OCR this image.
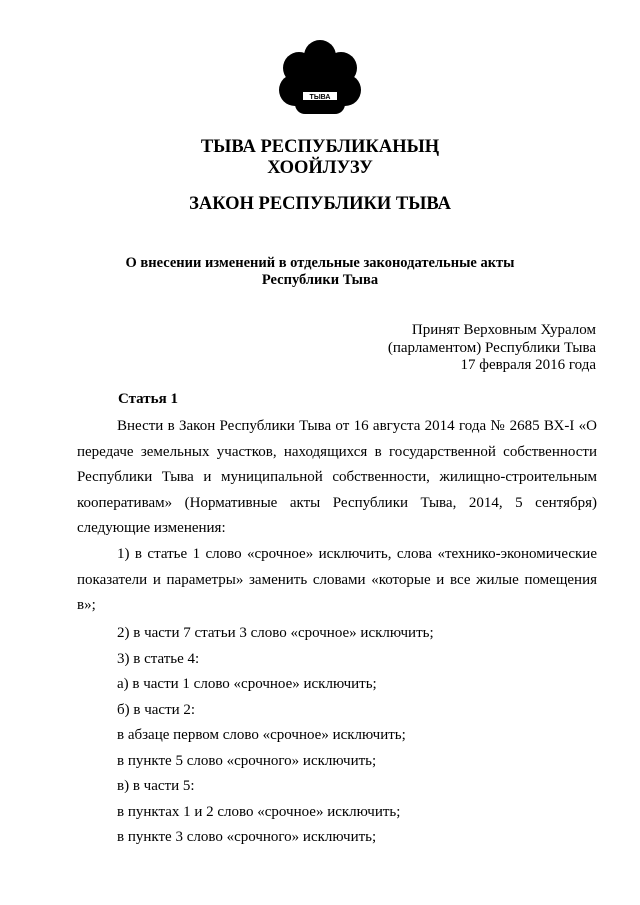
ТЫВА
ТЫВА РЕСПУБЛИКАНЫҢ
ХООЙЛУЗУ
ЗАКОН РЕСПУБЛИКИ ТЫВА
О внесении изменений в отдельные законодательные акты
Республики Тыва
Принят Верховным Хуралом
(парламентом) Республики Тыва
17 февраля 2016 года
Статья 1
Внести в Закон Республики Тыва от 16 августа 2014 года № 2685 ВХ-I «О
передаче земельных участков, находящихся в государственной собственности
Республики Тыва и муниципальной собственности, жилищно-строительным
кооперативам» (Нормативные акты Республики Тыва, 2014, 5 сентября)
следующие изменения:
1) в статье 1 слово «срочное» исключить, слова «технико-экономические
показатели и параметры» заменить словами «которые и все жилые помещения
в»;
2) в части 7 статьи 3 слово «срочное» исключить;
3) в статье 4:
а) в части 1 слово «срочное» исключить;
б) в части 2:
в абзаце первом слово «срочное» исключить;
в пункте 5 слово «срочного» исключить;
в) в части 5:
в пунктах 1 и 2 слово «срочное» исключить;
в пункте 3 слово «срочного» исключить;
